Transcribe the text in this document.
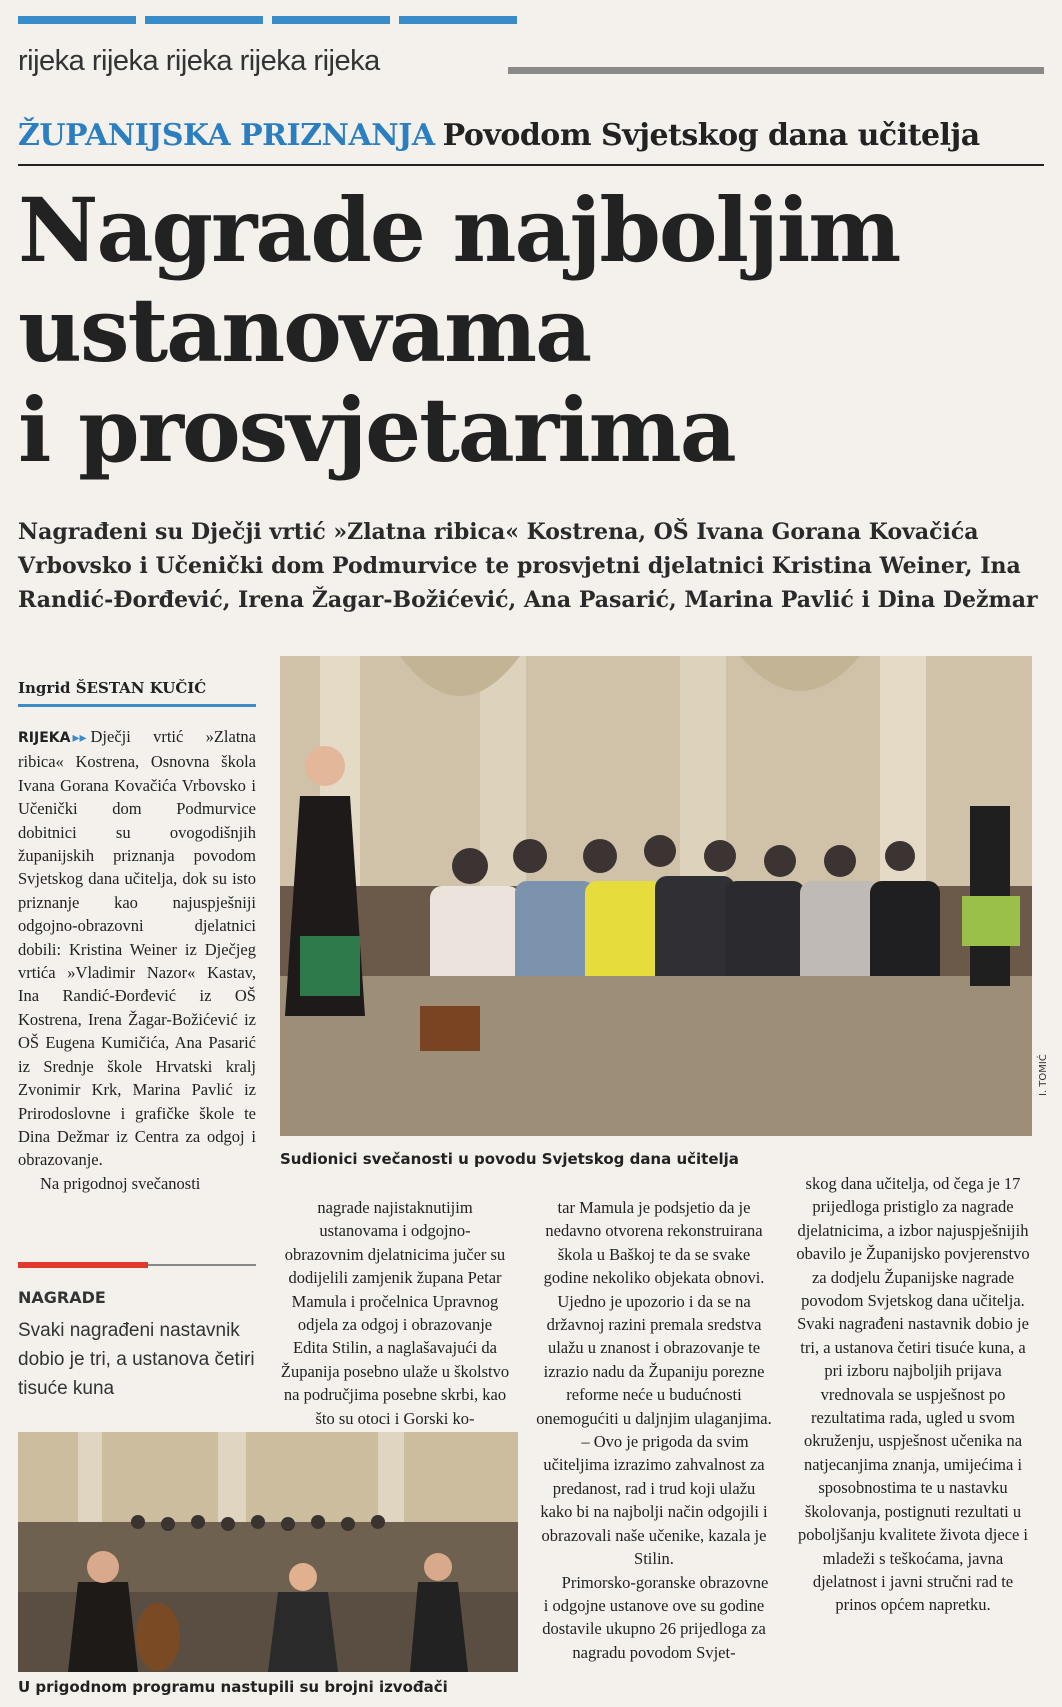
rijeka rijeka rijeka rijeka rijeka
ŽUPANIJSKA PRIZNANJA Povodom Svjetskog dana učitelja
Nagrade najboljim
ustanovama
i prosvjetarima

Nagrađeni su Dječji vrtić »Zlatna ribica« Kostrena, OŠ Ivana Gorana Kovačića Vrbovsko i Učenički dom Podmurvice te prosvjetni djelatnici Kristina Weiner, Ina Randić-Đorđević, Irena Žagar-Božićević, Ana Pasarić, Marina Pavlić i Dina Dežmar

Ingrid ŠESTAN KUČIĆ

RIJEKA ▸▸ Dječji vrtić »Zlatna ribica« Kostrena, Osnovna škola Ivana Gorana Kovačića Vrbovsko i Učenički dom Podmurvice dobitnici su ovogodišnjih županijskih priznanja povodom Svjetskog dana učitelja, dok su isto priznanje kao najuspješniji odgojno-obrazovni djelatnici dobili: Kristina Weiner iz Dječjeg vrtića »Vladimir Nazor« Kastav, Ina Randić-Đorđević iz OŠ Kostrena, Irena Žagar-Božićević iz OŠ Eugena Kumičića, Ana Pasarić iz Srednje škole Hrvatski kralj Zvonimir Krk, Marina Pavlić iz Prirodoslovne i grafičke škole te Dina Dežmar iz Centra za odgoj i obrazovanje.

Na prigodnoj svečanosti

NAGRADE
Svaki nagrađeni nastavnik dobio je tri, a ustanova četiri tisuće kuna
I. TOMIĆ
Sudionici svečanosti u povodu Svjetskog dana učitelja

nagrade najistaknutijim ustanovama i odgojno-obrazovnim djelatnicima jučer su dodijelili zamjenik župana Petar Mamula i pročelnica Upravnog odjela za odgoj i obrazovanje Edita Stilin, a naglašavajući da Županija posebno ulaže u školstvo na područjima posebne skrbi, kao što su otoci i Gorski ko-

tar Mamula je podsjetio da je nedavno otvorena rekonstruirana škola u Baškoj te da se svake godine nekoliko objekata obnovi. Ujedno je upozorio i da se na državnoj razini premala sredstva ulažu u znanost i obrazovanje te izrazio nadu da Županiju porezne reforme neće u budućnosti onemogućiti u daljnjim ulaganjima.

– Ovo je prigoda da svim učiteljima izrazimo zahvalnost za predanost, rad i trud koji ulažu kako bi na najbolji način odgojili i obrazovali naše učenike, kazala je Stilin.

Primorsko-goranske obrazovne i odgojne ustanove ove su godine dostavile ukupno 26 prijedloga za nagradu povodom Svjet-

skog dana učitelja, od čega je 17 prijedloga pristiglo za nagrade djelatnicima, a izbor najuspješnijih obavilo je Županijsko povjerenstvo za dodjelu Županijske nagrade povodom Svjetskog dana učitelja. Svaki nagrađeni nastavnik dobio je tri, a ustanova četiri tisuće kuna, a pri izboru najboljih prijava vrednovala se uspješnost po rezultatima rada, ugled u svom okruženju, uspješnost učenika na natjecanjima znanja, umijećima i sposobnostima te u nastavku školovanja, postignuti rezultati u poboljšanju kvalitete života djece i mladeži s teškoćama, javna djelatnost i javni stručni rad te prinos općem napretku.

U prigodnom programu nastupili su brojni izvođači
